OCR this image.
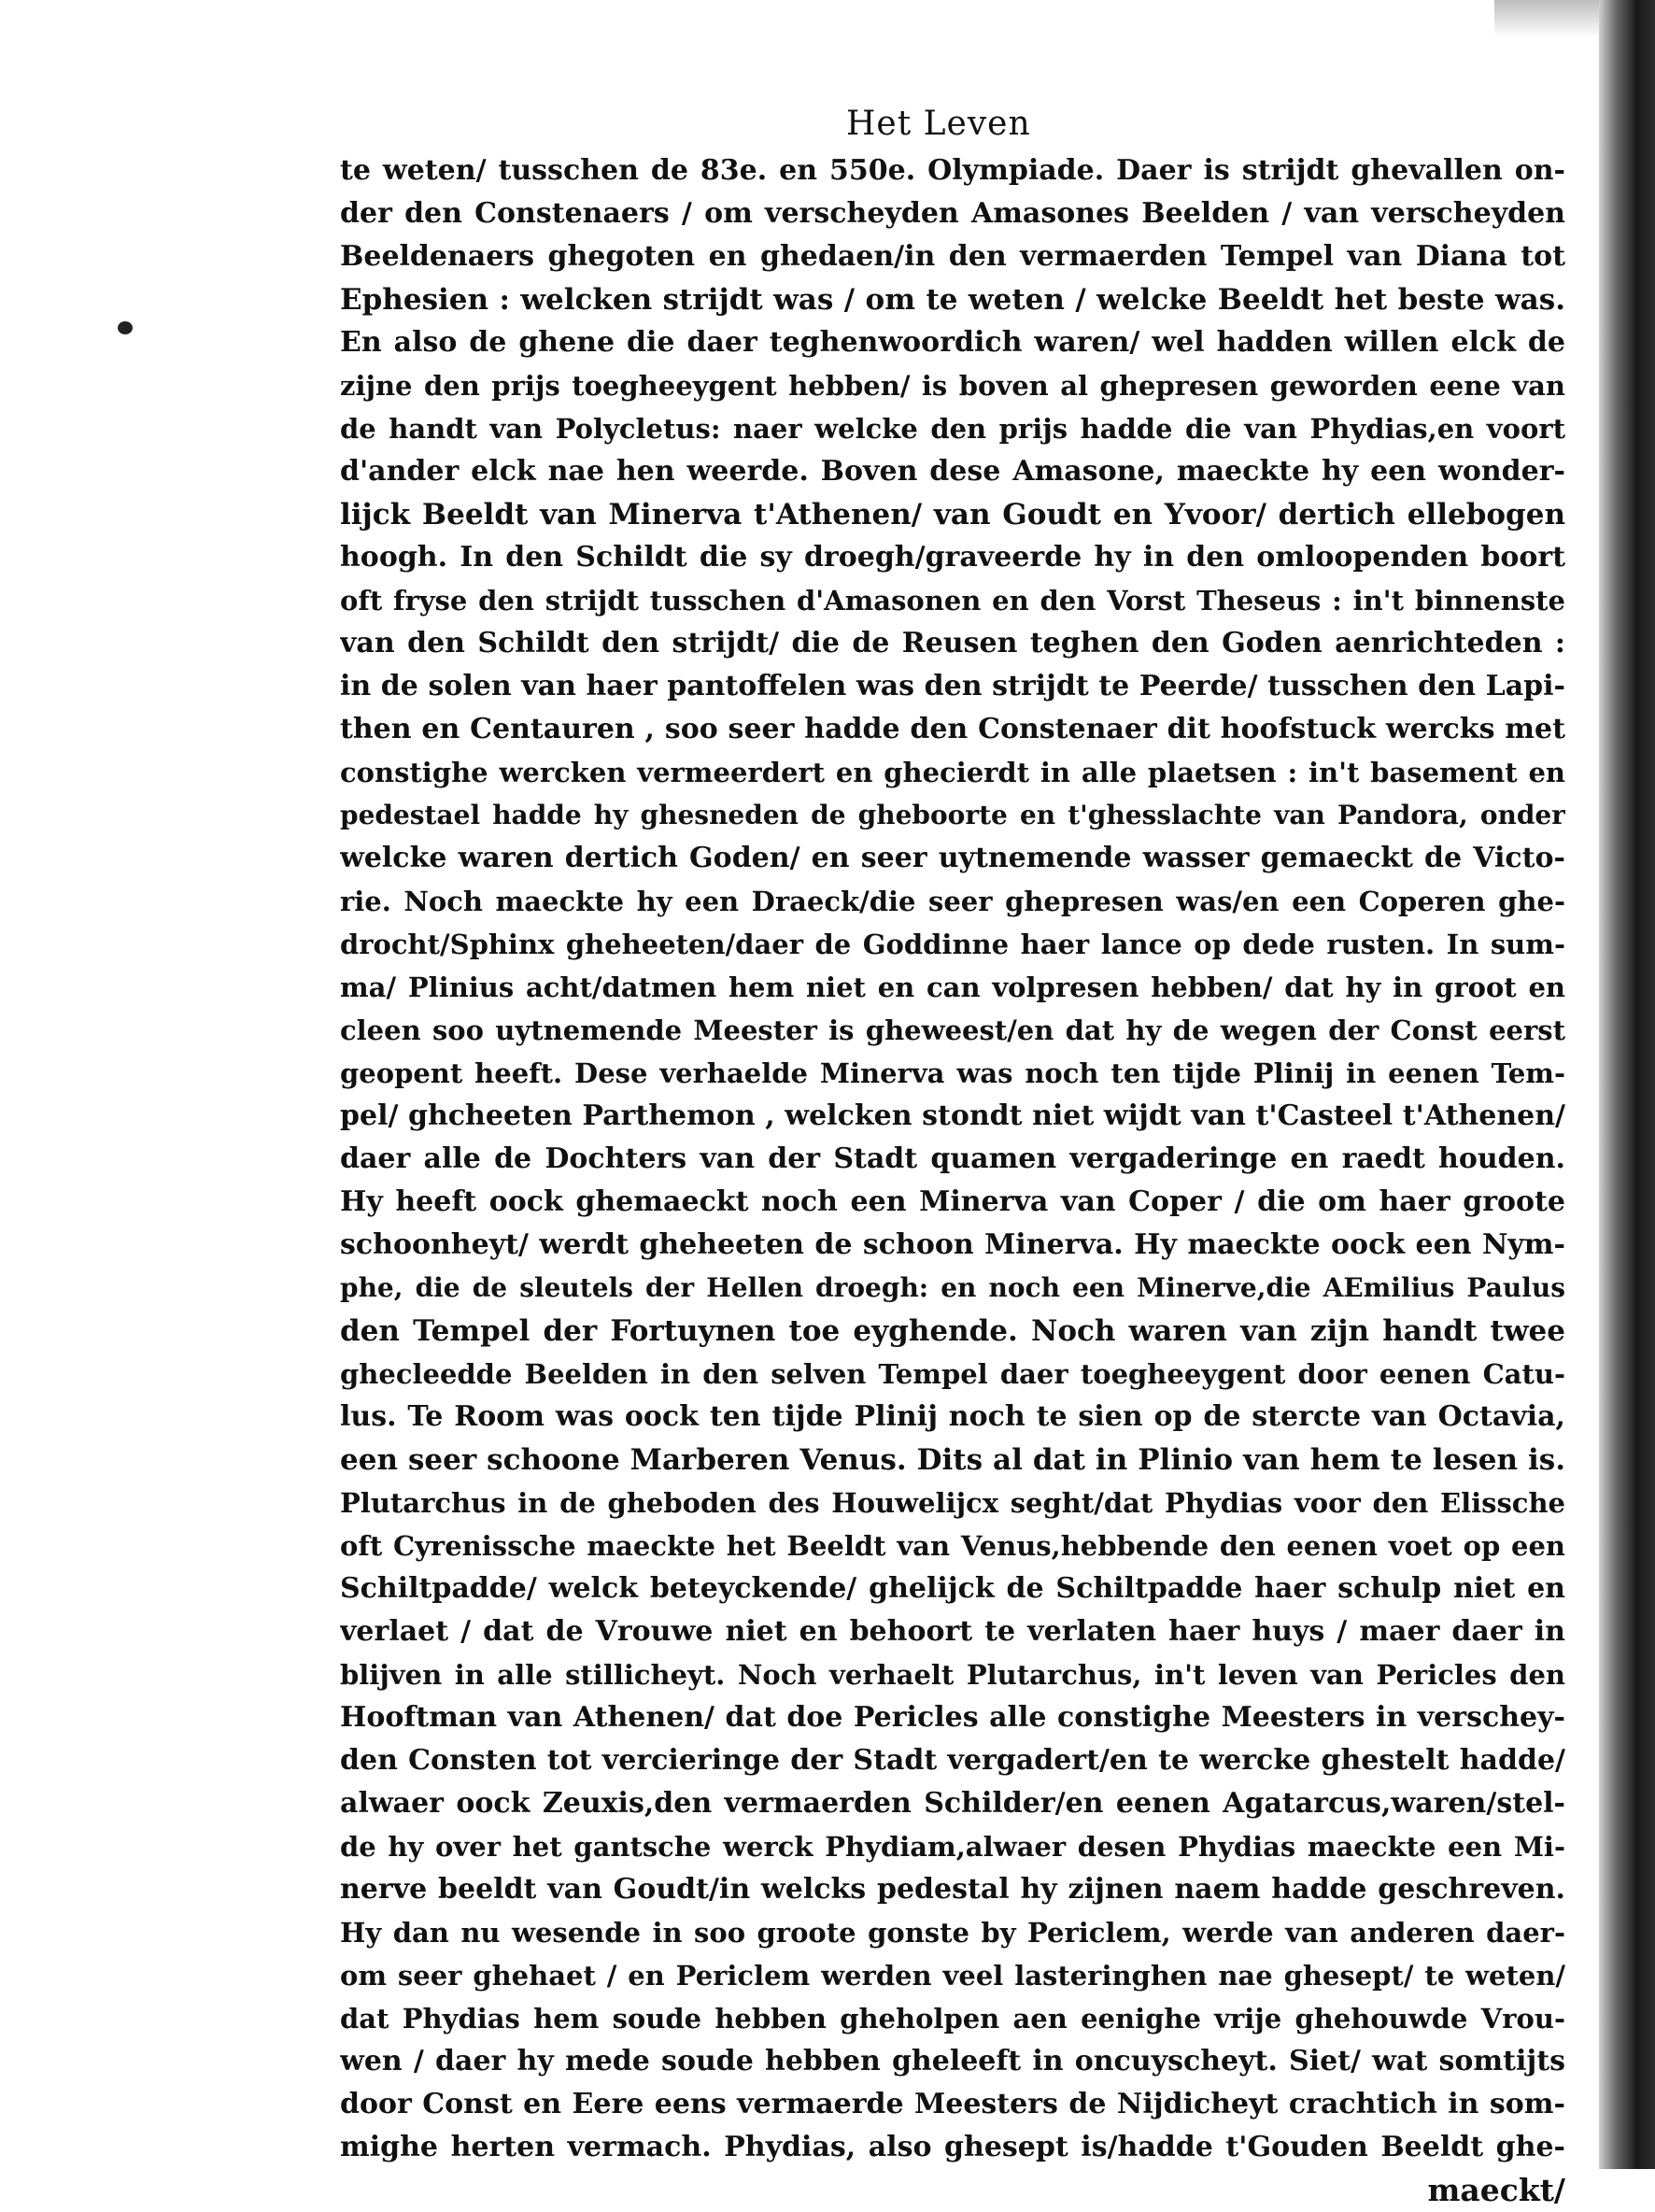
Het Leven
te weten/ tusschen de 83e. en 550e. Olympiade. Daer is strijdt ghevallen on-
der den Constenaers / om verscheyden Amasones Beelden / van verscheyden
Beeldenaers ghegoten en ghedaen/in den vermaerden Tempel van Diana tot
Ephesien : welcken strijdt was / om te weten / welcke Beeldt het beste was.
En also de ghene die daer teghenwoordich waren/ wel hadden willen elck de
zijne den prijs toegheeygent hebben/ is boven al ghepresen geworden eene van
de handt van Polycletus: naer welcke den prijs hadde die van Phydias,en voort
d'ander elck nae hen weerde. Boven dese Amasone, maeckte hy een wonder-
lijck Beeldt van Minerva t'Athenen/ van Goudt en Yvoor/ dertich ellebogen
hoogh. In den Schildt die sy droegh/graveerde hy in den omloopenden boort
oft fryse den strijdt tusschen d'Amasonen en den Vorst Theseus : in't binnenste
van den Schildt den strijdt/ die de Reusen teghen den Goden aenrichteden :
in de solen van haer pantoffelen was den strijdt te Peerde/ tusschen den Lapi-
then en Centauren , soo seer hadde den Constenaer dit hoofstuck wercks met
constighe wercken vermeerdert en ghecierdt in alle plaetsen : in't basement en
pedestael hadde hy ghesneden de gheboorte en t'ghesslachte van Pandora, onder
welcke waren dertich Goden/ en seer uytnemende wasser gemaeckt de Victo-
rie. Noch maeckte hy een Draeck/die seer ghepresen was/en een Coperen ghe-
drocht/Sphinx gheheeten/daer de Goddinne haer lance op dede rusten. In sum-
ma/ Plinius acht/datmen hem niet en can volpresen hebben/ dat hy in groot en
cleen soo uytnemende Meester is gheweest/en dat hy de wegen der Const eerst
geopent heeft. Dese verhaelde Minerva was noch ten tijde Plinij in eenen Tem-
pel/ ghcheeten Parthemon , welcken stondt niet wijdt van t'Casteel t'Athenen/
daer alle de Dochters van der Stadt quamen vergaderinge en raedt houden.
Hy heeft oock ghemaeckt noch een Minerva van Coper / die om haer groote
schoonheyt/ werdt gheheeten de schoon Minerva. Hy maeckte oock een Nym-
phe, die de sleutels der Hellen droegh: en noch een Minerve,die AEmilius Paulus
den Tempel der Fortuynen toe eyghende. Noch waren van zijn handt twee
ghecleedde Beelden in den selven Tempel daer toegheeygent door eenen Catu-
lus. Te Room was oock ten tijde Plinij noch te sien op de stercte van Octavia,
een seer schoone Marberen Venus. Dits al dat in Plinio van hem te lesen is.
Plutarchus in de gheboden des Houwelijcx seght/dat Phydias voor den Elissche
oft Cyrenissche maeckte het Beeldt van Venus,hebbende den eenen voet op een
Schiltpadde/ welck beteyckende/ ghelijck de Schiltpadde haer schulp niet en
verlaet / dat de Vrouwe niet en behoort te verlaten haer huys / maer daer in
blijven in alle stillicheyt. Noch verhaelt Plutarchus, in't leven van Pericles den
Hooftman van Athenen/ dat doe Pericles alle constighe Meesters in verschey-
den Consten tot vercieringe der Stadt vergadert/en te wercke ghestelt hadde/
alwaer oock Zeuxis,den vermaerden Schilder/en eenen Agatarcus,waren/stel-
de hy over het gantsche werck Phydiam,alwaer desen Phydias maeckte een Mi-
nerve beeldt van Goudt/in welcks pedestal hy zijnen naem hadde geschreven.
Hy dan nu wesende in soo groote gonste by Periclem, werde van anderen daer-
om seer ghehaet / en Periclem werden veel lasteringhen nae ghesept/ te weten/
dat Phydias hem soude hebben gheholpen aen eenighe vrije ghehouwde Vrou-
wen / daer hy mede soude hebben gheleeft in oncuyscheyt. Siet/ wat somtijts
door Const en Eere eens vermaerde Meesters de Nijdicheyt crachtich in som-
mighe herten vermach. Phydias, also ghesept is/hadde t'Gouden Beeldt ghe-
maeckt/
